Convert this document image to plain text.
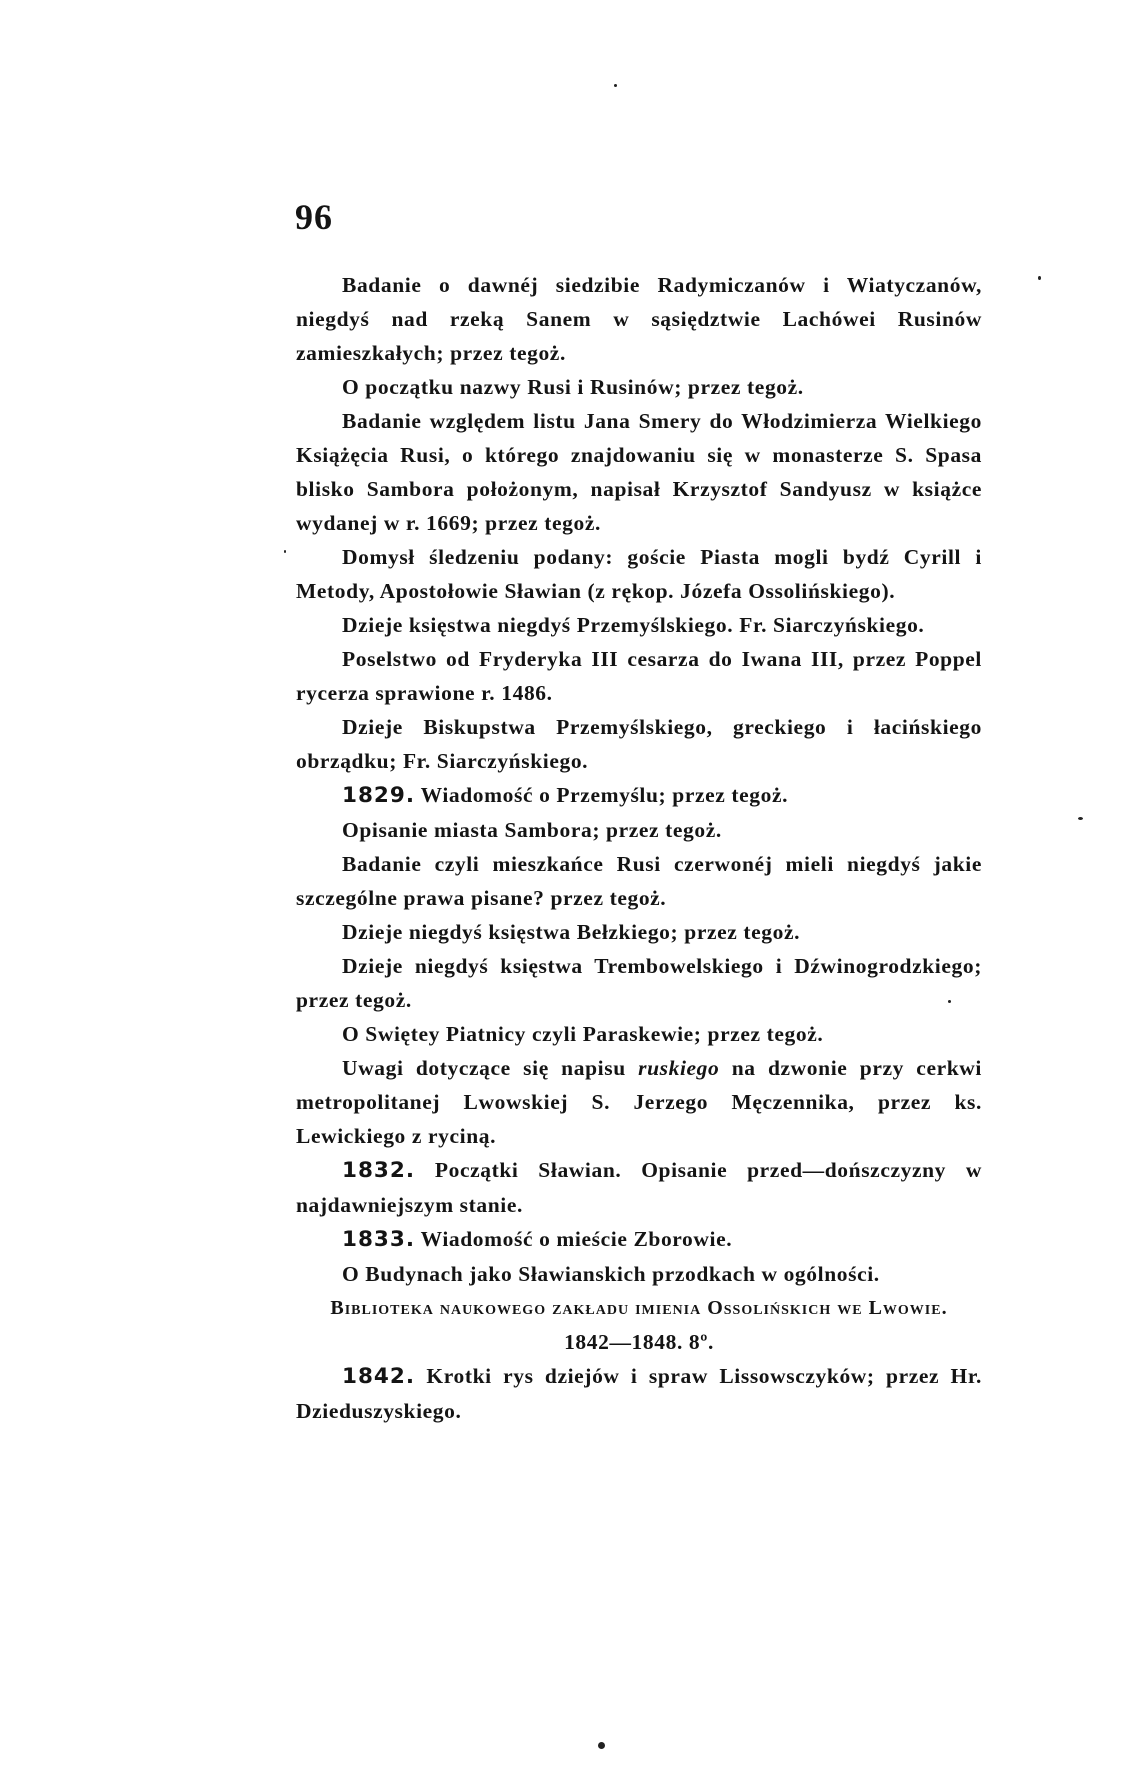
96

Badanie o dawnéj siedzibie Radymiczanów i Wiatyczanów, niegdyś nad rzeką Sanem w sąsiędztwie Lachówei Rusinów zamieszkałych; przez tegoż.

O początku nazwy Rusi i Rusinów; przez tegoż.

Badanie względem listu Jana Smery do Włodzimierza Wielkiego Książęcia Rusi, o którego znajdowaniu się w monasterze S. Spasa blisko Sambora położonym, napisał Krzysztof Sandyusz w książce wydanej w r. 1669; przez tegoż.

Domysł śledzeniu podany: goście Piasta mogli bydź Cyrill i Metody, Apostołowie Sławian (z rękop. Józefa Ossolińskiego).

Dzieje księstwa niegdyś Przemyślskiego. Fr. Siarczyńskiego.

Poselstwo od Fryderyka III cesarza do Iwana III, przez Poppel rycerza sprawione r. 1486.

Dzieje Biskupstwa Przemyślskiego, greckiego i łacińskiego obrządku; Fr. Siarczyńskiego.

1829. Wiadomość o Przemyślu; przez tegoż.

Opisanie miasta Sambora; przez tegoż.

Badanie czyli mieszkańce Rusi czerwonéj mieli niegdyś jakie szczególne prawa pisane? przez tegoż.

Dzieje niegdyś księstwa Bełzkiego; przez tegoż.

Dzieje niegdyś księstwa Trembowelskiego i Dźwinogrodzkiego; przez tegoż.

O Swiętey Piatnicy czyli Paraskewie; przez tegoż.

Uwagi dotyczące się napisu ruskiego na dzwonie przy cerkwi metropolitanej Lwowskiej S. Jerzego Męczennika, przez ks. Lewickiego z ryciną.

1832. Początki Sławian. Opisanie przed—dońszczyzny w najdawniejszym stanie.

1833. Wiadomość o mieście Zborowie.

O Budynach jako Sławianskich przodkach w ogólności.

Biblioteka naukowego zakładu imienia Ossolińskich we Lwowie.

1842—1848. 8º.

1842. Krotki rys dziejów i spraw Lissowsczyków; przez Hr. Dzieduszyskiego.
